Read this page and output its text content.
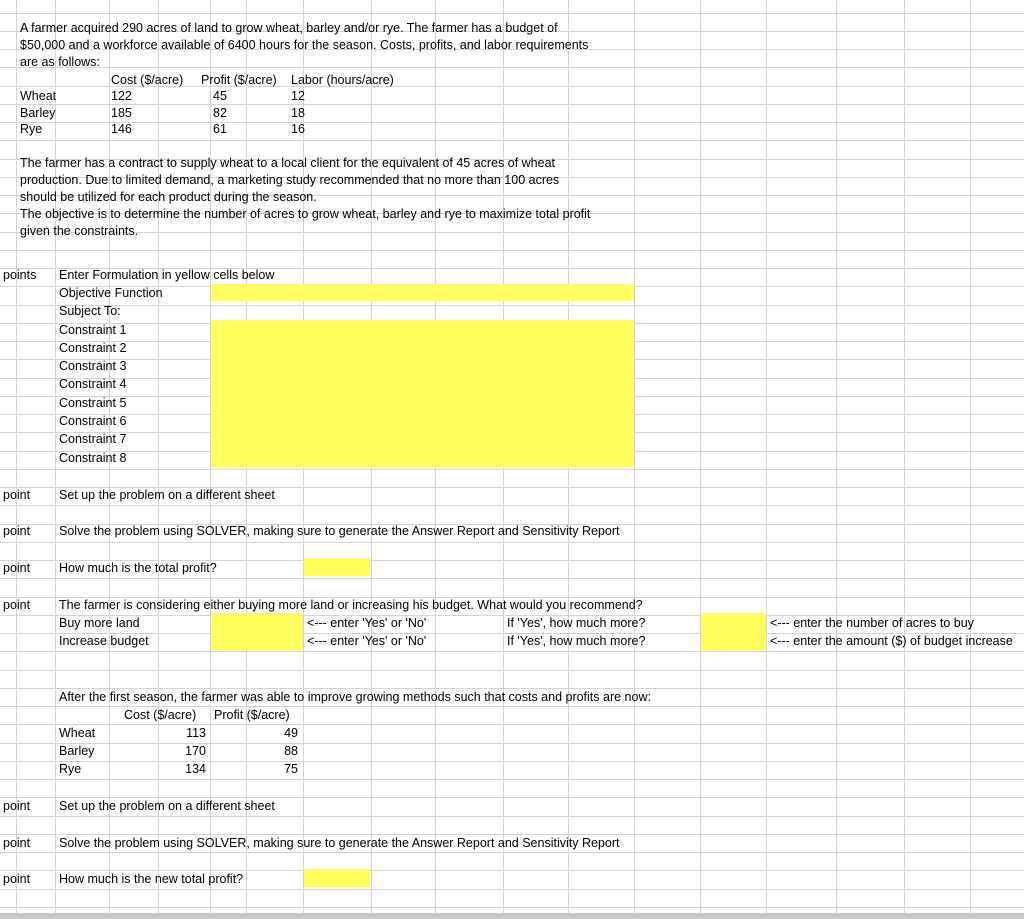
A farmer acquired 290 acres of land to grow wheat, barley and/or rye. The farmer has a budget of
$50,000 and a workforce available of 6400 hours for the season. Costs, profits, and labor requirements
are as follows:
Cost ($/acre) Profit ($/acre) Labor (hours/acre)
Wheat	122	45	12
Barley	185	82	18
Rye	146	61	16
The farmer has a contract to supply wheat to a local client for the equivalent of 45 acres of wheat
production. Due to limited demand, a marketing study recommended that no more than 100 acres
should be utilized for each product during the season.
The objective is to determine the number of acres to grow wheat, barley and rye to maximize total profit
given the constraints.
points Enter Formulation in yellow cells below
Objective Function
Subject To:
Constraint 1
Constraint 2
Constraint 3
Constraint 4
Constraint 5
Constraint 6
Constraint 7
Constraint 8
point Set up the problem on a different sheet
point Solve the problem using SOLVER, making sure to generate the Answer Report and Sensitivity Report
point How much is the total profit?
point The farmer is considering either buying more land or increasing his budget. What would you recommend?
Buy more land	<--- enter 'Yes' or 'No'	If 'Yes', how much more?	<--- enter the number of acres to buy
Increase budget	<--- enter 'Yes' or 'No'	If 'Yes', how much more?	<--- enter the amount ($) of budget increase
After the first season, the farmer was able to improve growing methods such that costs and profits are now:
Cost ($/acre) Profit ($/acre)
Wheat	113	49
Barley	170	88
Rye	134	75
point Set up the problem on a different sheet
point Solve the problem using SOLVER, making sure to generate the Answer Report and Sensitivity Report
point How much is the new total profit?
